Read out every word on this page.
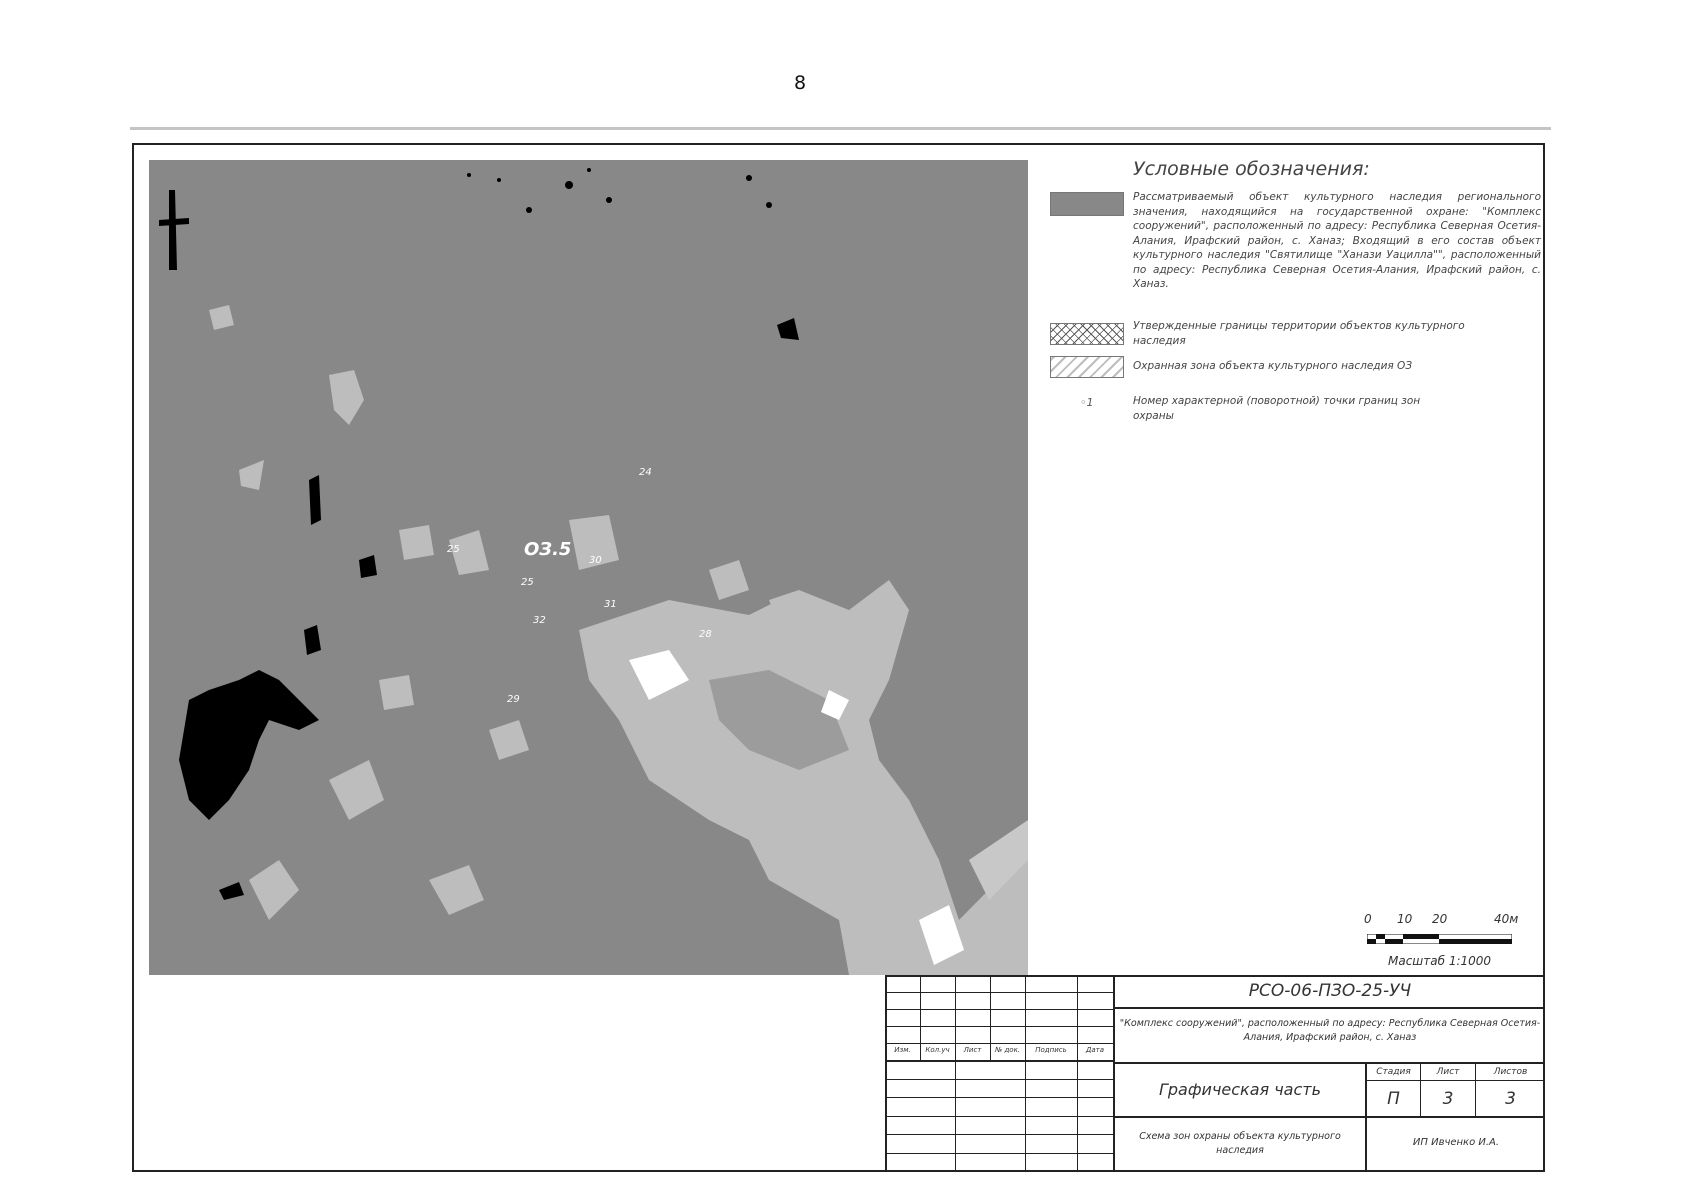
8
ОЗ.5
25
25
30
31
32
28
24
29
Условные обозначения:
Рассматриваемый объект культурного наследия регионального значения, находящийся на государственной охране: "Комплекс сооружений", расположенный по адресу: Республика Северная Осетия-Алания, Ирафский район, с. Ханаз; Входящий в его состав объект культурного наследия "Святилище "Ханази Уацилла"", расположенный по адресу: Республика Северная Осетия-Алания, Ирафский район, с. Ханаз.
Утвержденные границы территории объектов культурного наследия
Охранная зона объекта культурного наследия ОЗ
◦1	Номер характерной (поворотной) точки границ зон охраны
0 10 20	40м
Масштаб 1:1000
Изм.	Кол.уч	Лист	№ док.	Подпись	Дата
РСО-06-ПЗО-25-УЧ
"Комплекс сооружений", расположенный по адресу: Республика Северная Осетия-Алания, Ирафский район, с. Ханаз
Графическая часть
Стадия	Лист	Листов
П	3	3
Схема зон охраны объекта культурного наследия
ИП Ивченко И.А.
